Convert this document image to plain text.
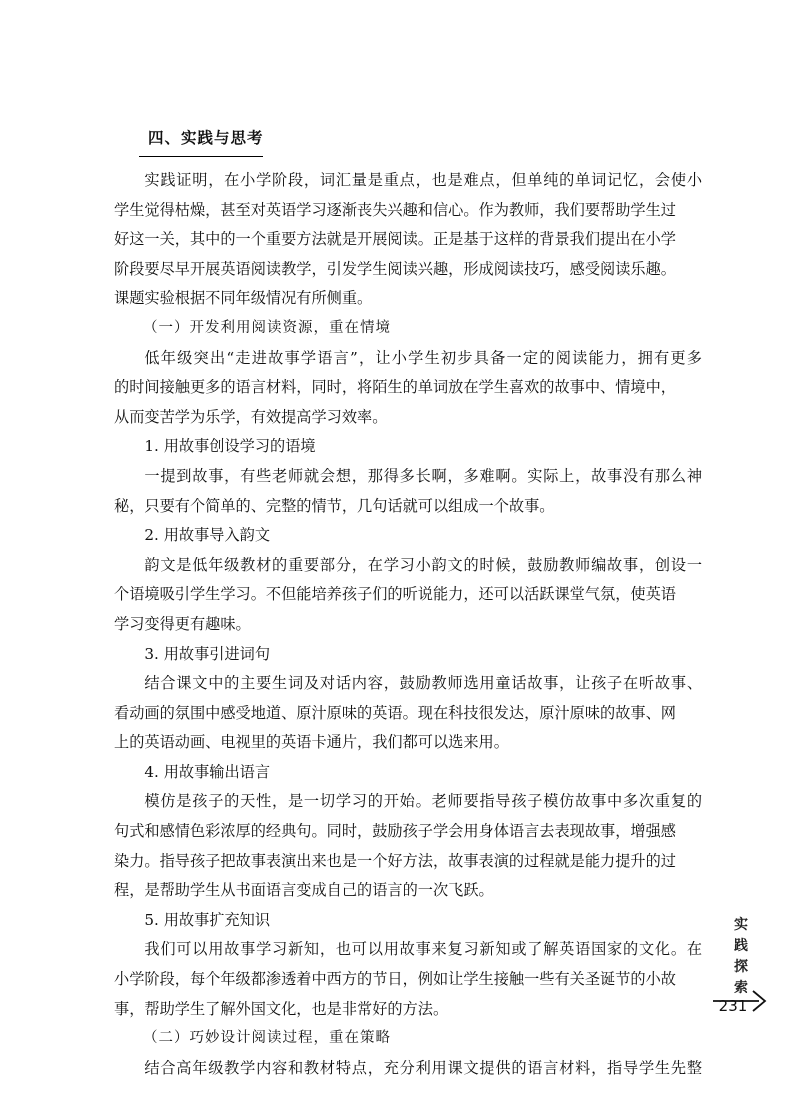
四、实践与思考

实践证明，在小学阶段，词汇量是重点，也是难点，但单纯的单词记忆，会使小

学生觉得枯燥，甚至对英语学习逐渐丧失兴趣和信心。作为教师，我们要帮助学生过

好这一关，其中的一个重要方法就是开展阅读。正是基于这样的背景我们提出在小学

阶段要尽早开展英语阅读教学，引发学生阅读兴趣，形成阅读技巧，感受阅读乐趣。

课题实验根据不同年级情况有所侧重。

（一）开发利用阅读资源，重在情境

低年级突出“走进故事学语言”，让小学生初步具备一定的阅读能力，拥有更多

的时间接触更多的语言材料，同时，将陌生的单词放在学生喜欢的故事中、情境中，

从而变苦学为乐学，有效提高学习效率。

1. 用故事创设学习的语境

一提到故事，有些老师就会想，那得多长啊，多难啊。实际上，故事没有那么神

秘，只要有个简单的、完整的情节，几句话就可以组成一个故事。

2. 用故事导入韵文

韵文是低年级教材的重要部分，在学习小韵文的时候，鼓励教师编故事，创设一

个语境吸引学生学习。不但能培养孩子们的听说能力，还可以活跃课堂气氛，使英语

学习变得更有趣味。

3. 用故事引进词句

结合课文中的主要生词及对话内容，鼓励教师选用童话故事，让孩子在听故事、

看动画的氛围中感受地道、原汁原味的英语。现在科技很发达，原汁原味的故事、网

上的英语动画、电视里的英语卡通片，我们都可以选来用。

4. 用故事输出语言

模仿是孩子的天性，是一切学习的开始。老师要指导孩子模仿故事中多次重复的

句式和感情色彩浓厚的经典句。同时，鼓励孩子学会用身体语言去表现故事，增强感

染力。指导孩子把故事表演出来也是一个好方法，故事表演的过程就是能力提升的过

程，是帮助学生从书面语言变成自己的语言的一次飞跃。

5. 用故事扩充知识

我们可以用故事学习新知，也可以用故事来复习新知或了解英语国家的文化。在

小学阶段，每个年级都渗透着中西方的节日，例如让学生接触一些有关圣诞节的小故

事，帮助学生了解外国文化，也是非常好的方法。

（二）巧妙设计阅读过程，重在策略

结合高年级教学内容和教材特点，充分利用课文提供的语言材料，指导学生先整

实
践
探
索
231
